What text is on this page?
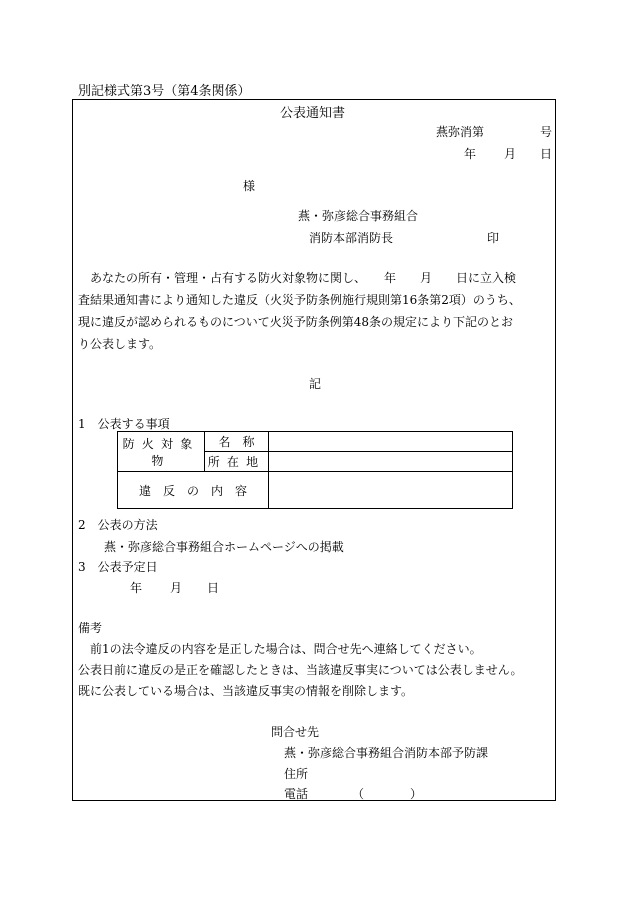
別記様式第3号（第4条関係）
公表通知書
燕弥消第	号
年 月 日
様
燕・弥彦総合事務組合
消防本部消防長	印
あなたの所有・管理・占有する防火対象物に関し、　　年　　月　　日に立入検
査結果通知書により通知した違反（火災予防条例施行規則第16条第2項）のうち、
現に違反が認められるものについて火災予防条例第48条の規定により下記のとお
り公表します。
記
1　公表する事項
防火対象物	名　称	
	所在地	
違　反　の　内　容		
2　公表の方法
燕・弥彦総合事務組合ホームページへの掲載
3　公表予定日
年 月 日
備考
前1の法令違反の内容を是正した場合は、問合せ先へ連絡してください。
公表日前に違反の是正を確認したときは、当該違反事実については公表しません。
既に公表している場合は、当該違反事実の情報を削除します。
問合せ先
燕・弥彦総合事務組合消防本部予防課
住所
電話	（	）
